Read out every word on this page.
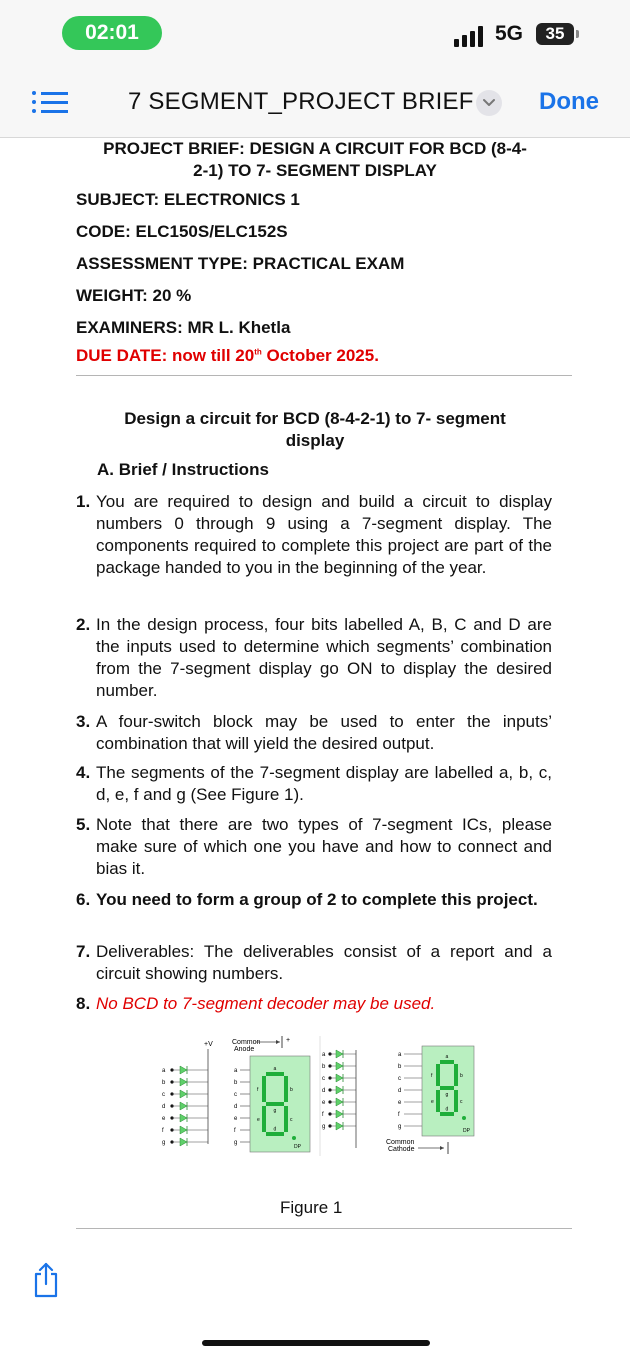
02:01	5G	35
7 SEGMENT_PROJECT BRIEF	Done
PROJECT BRIEF: DESIGN A CIRCUIT FOR BCD (8-4-
2-1) TO 7- SEGMENT DISPLAY
SUBJECT: ELECTRONICS 1
CODE: ELC150S/ELC152S
ASSESSMENT TYPE: PRACTICAL EXAM
WEIGHT: 20 %
EXAMINERS: MR L. Khetla
DUE DATE: now till 20th October 2025.
Design a circuit for BCD (8-4-2-1) to 7- segment
display
A. Brief / Instructions
1. You are required to design and build a circuit to display numbers 0 through 9 using a 7-segment display. The components required to complete this project are part of the package handed to you in the beginning of the year.
2. In the design process, four bits labelled A, B, C and D are the inputs used to determine which segments’ combination from the 7-segment display go ON to display the desired number.
3. A four-switch block may be used to enter the inputs’ combination that will yield the desired output.
4. The segments of the 7-segment display are labelled a, b, c, d, e, f and g (See Figure 1).
5. Note that there are two types of 7-segment ICs, please make sure of which one you have and how to connect and bias it.
6. You need to form a group of 2 to complete this project.
7. Deliverables: The deliverables consist of a report and a circuit showing numbers.
8. No BCD to 7-segment decoder may be used.
+V
a	a
b	b
c	c
d	d
e	e
f	f
g	g
Common
Anode
+
a
g
d
f	b
e	c
DP
a	a
b	b
c	c
d	d
e	e
f	f
g	g
a
g
d
f	b
e	c
DP
Common
Cathode
Figure 1
